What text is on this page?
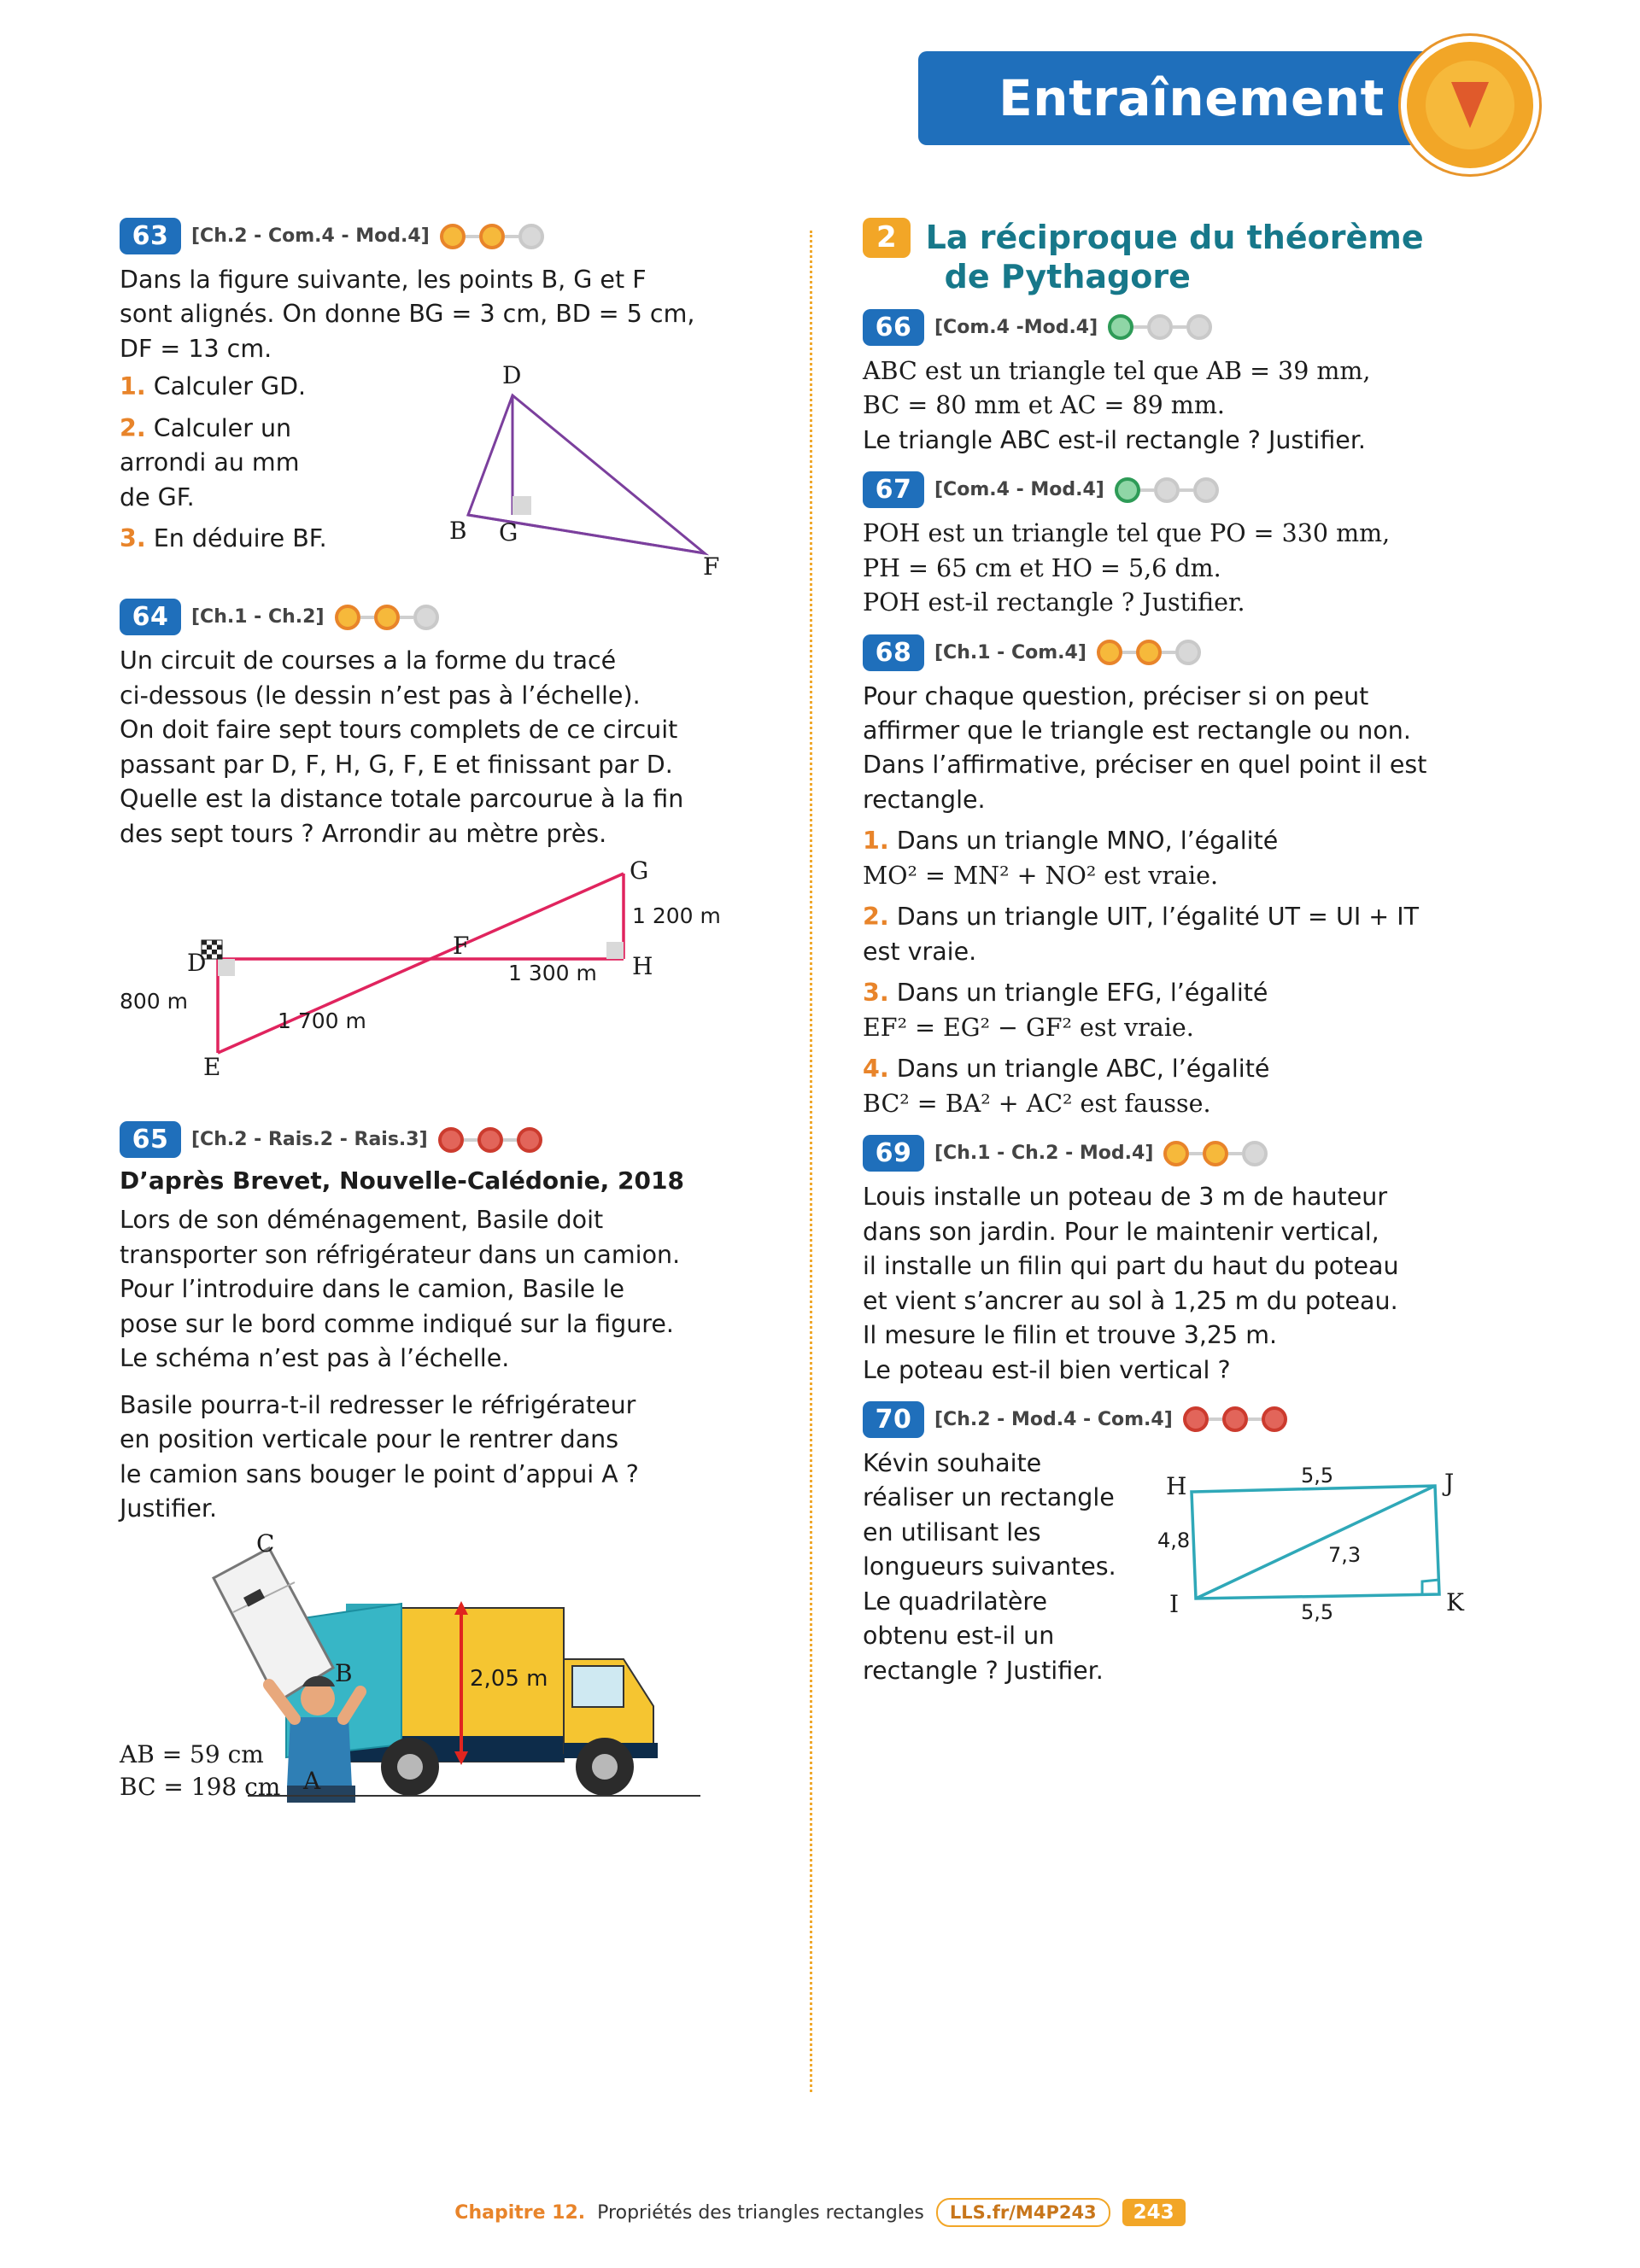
Entraînement
63	[Ch.2 - Com.4 - Mod.4]

Dans la figure suivante, les points B, G et F

sont alignés. On donne BG = 3 cm, BD = 5 cm,

DF = 13 cm.

1. Calculer GD.

2. Calculer un

arrondi au mm

de GF.

3. En déduire BF.

D
B G
F
64	[Ch.1 - Ch.2]

Un circuit de courses a la forme du tracé

ci-dessous (le dessin n’est pas à l’échelle).

On doit faire sept tours complets de ce circuit

passant par D, F, H, G, F, E et finissant par D.

Quelle est la distance totale parcourue à la fin

des sept tours ? Arrondir au mètre près.

G
D
F
H
E
1 200 m
1 300 m
800 m
1 700 m
65	[Ch.2 - Rais.2 - Rais.3]

D’après Brevet, Nouvelle-Calédonie, 2018

Lors de son déménagement, Basile doit

transporter son réfrigérateur dans un camion.

Pour l’introduire dans le camion, Basile le

pose sur le bord comme indiqué sur la figure.

Le schéma n’est pas à l’échelle.

Basile pourra-t-il redresser le réfrigérateur

en position verticale pour le rentrer dans

le camion sans bouger le point d’appui A ?

Justifier.

C
B
A
2,05 m
AB = 59 cm
BC = 198 cm
2 La réciproque du théorème
de Pythagore
66	[Com.4 -Mod.4]

ABC est un triangle tel que AB = 39 mm,

BC = 80 mm et AC = 89 mm.

Le triangle ABC est-il rectangle ? Justifier.

67	[Com.4 - Mod.4]

POH est un triangle tel que PO = 330 mm,

PH = 65 cm et HO = 5,6 dm.

POH est-il rectangle ? Justifier.

68	[Ch.1 - Com.4]

Pour chaque question, préciser si on peut

affirmer que le triangle est rectangle ou non.

Dans l’affirmative, préciser en quel point il est

rectangle.

1. Dans un triangle MNO, l’égalité

MO² = MN² + NO² est vraie.

2. Dans un triangle UIT, l’égalité UT = UI + IT

est vraie.

3. Dans un triangle EFG, l’égalité

EF² = EG² − GF² est vraie.

4. Dans un triangle ABC, l’égalité

BC² = BA² + AC² est fausse.

69	[Ch.1 - Ch.2 - Mod.4]

Louis installe un poteau de 3 m de hauteur

dans son jardin. Pour le maintenir vertical,

il installe un filin qui part du haut du poteau

et vient s’ancrer au sol à 1,25 m du poteau.

Il mesure le filin et trouve 3,25 m.

Le poteau est-il bien vertical ?

70	[Ch.2 - Mod.4 - Com.4]

Kévin souhaite

réaliser un rectangle

en utilisant les

longueurs suivantes.

Le quadrilatère

obtenu est-il un

rectangle ? Justifier.

H	J
I	K
5,5
5,5
4,8
7,3
Chapitre 12. Propriétés des triangles rectangles	LLS.fr/M4P243	243
